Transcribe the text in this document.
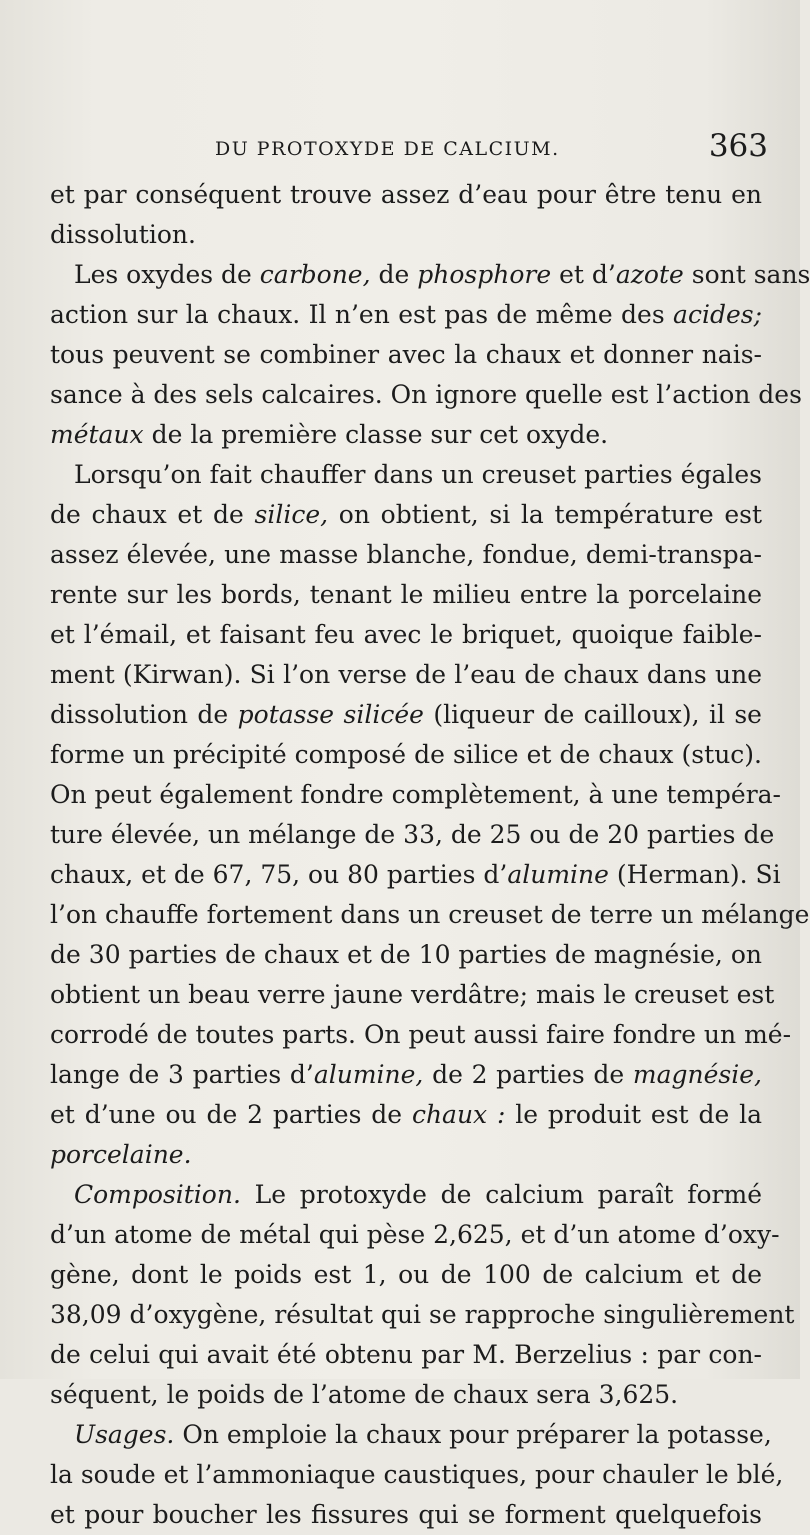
DU PROTOXYDE DE CALCIUM.	363
et par conséquent trouve assez d’eau pour être tenu en
dissolution.
Les oxydes de carbone, de phosphore et d’azote sont sans
action sur la chaux. Il n’en est pas de même des acides;
tous peuvent se combiner avec la chaux et donner nais-
sance à des sels calcaires. On ignore quelle est l’action des
métaux de la première classe sur cet oxyde.
Lorsqu’on fait chauffer dans un creuset parties égales
de chaux et de silice, on obtient, si la température est
assez élevée, une masse blanche, fondue, demi-transpa-
rente sur les bords, tenant le milieu entre la porcelaine
et l’émail, et faisant feu avec le briquet, quoique faible-
ment (Kirwan). Si l’on verse de l’eau de chaux dans une
dissolution de potasse silicée (liqueur de cailloux), il se
forme un précipité composé de silice et de chaux (stuc).
On peut également fondre complètement, à une tempéra-
ture élevée, un mélange de 33, de 25 ou de 20 parties de
chaux, et de 67, 75, ou 80 parties d’alumine (Herman). Si
l’on chauffe fortement dans un creuset de terre un mélange
de 30 parties de chaux et de 10 parties de magnésie, on
obtient un beau verre jaune verdâtre; mais le creuset est
corrodé de toutes parts. On peut aussi faire fondre un mé-
lange de 3 parties d’alumine, de 2 parties de magnésie,
et d’une ou de 2 parties de chaux : le produit est de la
porcelaine.
Composition. Le protoxyde de calcium paraît formé
d’un atome de métal qui pèse 2,625, et d’un atome d’oxy-
gène, dont le poids est 1, ou de 100 de calcium et de
38,09 d’oxygène, résultat qui se rapproche singulièrement
de celui qui avait été obtenu par M. Berzelius : par con-
séquent, le poids de l’atome de chaux sera 3,625.
Usages. On emploie la chaux pour préparer la potasse,
la soude et l’ammoniaque caustiques, pour chauler le blé,
et pour boucher les fissures qui se forment quelquefois
